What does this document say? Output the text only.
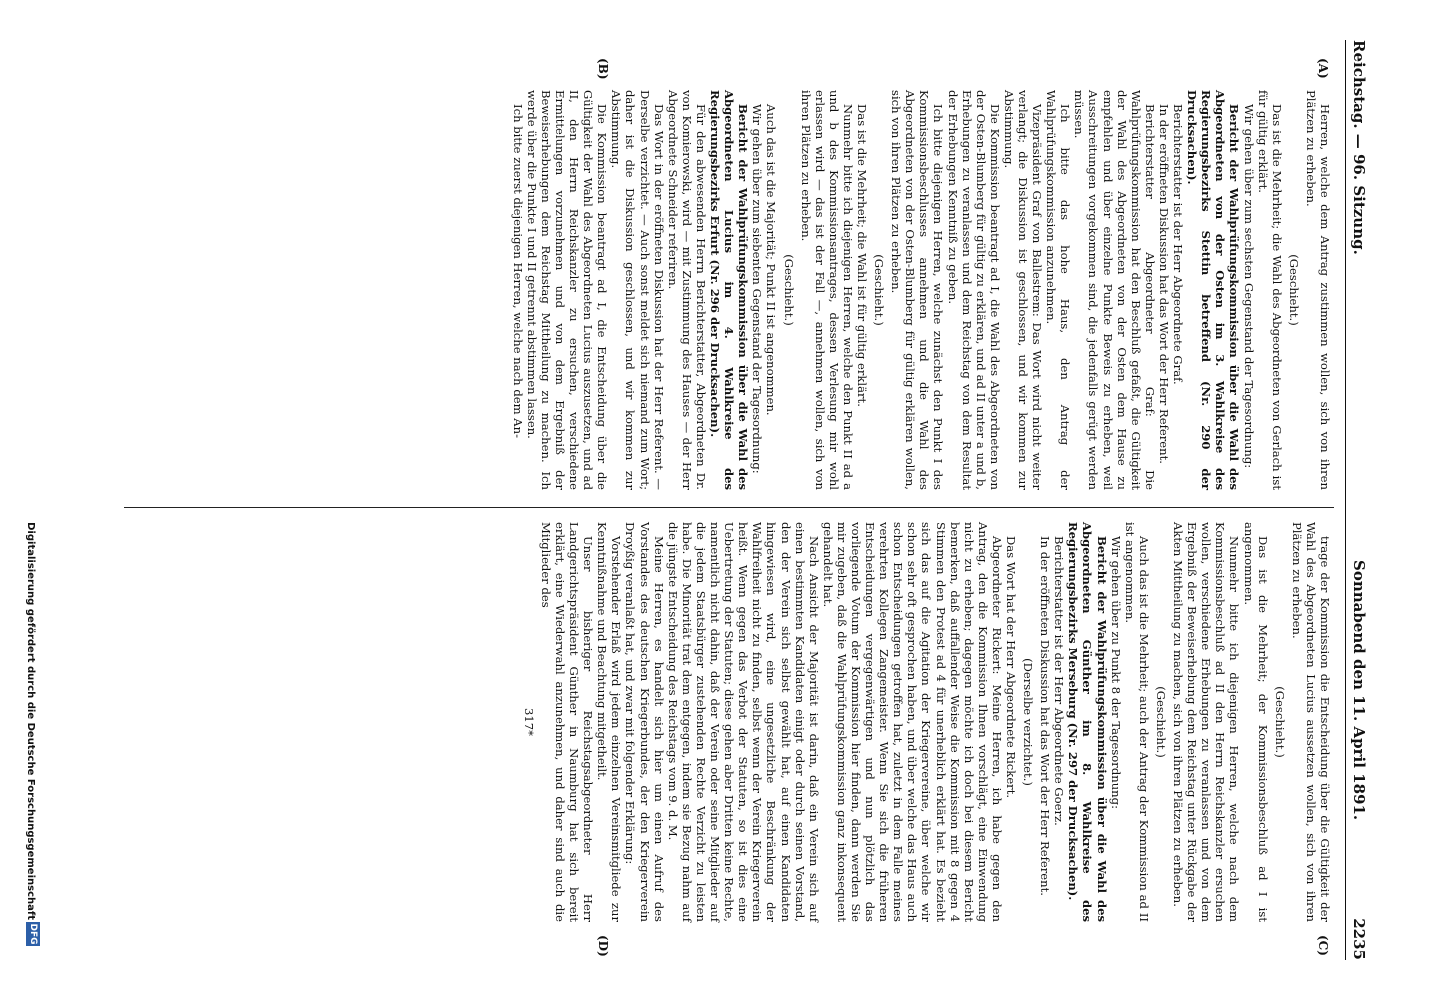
Reichstag. — 96. Sitzung.
Sonnabend den 11. April 1891.
2235
(A)
(B)
(C)
(D)

Herren, welche dem Antrag zustimmen wollen, sich von ihren Plätzen zu erheben.

(Geschieht.)

Das ist die Mehrheit; die Wahl des Abgeordneten von Gerlach ist für gültig erklärt.

Wir gehen über zum sechsten Gegenstand der Tagesordnung:

Bericht der Wahlprüfungskommission über die Wahl des Abgeordneten von der Osten im 3. Wahlkreise des Regierungsbezirks Stettin betreffend (Nr. 290 der Drucksachen).

Berichterstatter ist der Herr Abgeordnete Graf.

In der eröffneten Diskussion hat das Wort der Herr Referent.

Berichterstatter Abgeordneter Graf: Die Wahlprüfungskommission hat den Beschluß gefaßt, die Gültigkeit der Wahl des Abgeordneten von der Osten dem Hause zu empfehlen und über einzelne Punkte Beweis zu erheben, weil Ausschreitungen vorgekommen sind, die jedenfalls gerügt werden müssen.

Ich bitte das hohe Haus, den Antrag der Wahlprüfungskommission anzunehmen.

Vizepräsident Graf von Ballestrem: Das Wort wird nicht weiter verlangt; die Diskussion ist geschlossen, und wir kommen zur Abstimmung.

Die Kommission beantragt ad I, die Wahl des Abgeordneten von der Osten-Blumberg für gültig zu erklären, und ad II unter a und b, Erhebungen zu veranlassen und dem Reichstag von dem Resultat der Erhebungen Kenntniß zu geben.

Ich bitte diejenigen Herren, welche zunächst den Punkt I des Kommissionsbeschlusses annehmen und die Wahl des Abgeordneten von der Osten-Blumberg für gültig erklären wollen, sich von ihren Plätzen zu erheben.

(Geschieht.)

Das ist die Mehrheit; die Wahl ist für gültig erklärt.

Nunmehr bitte ich diejenigen Herren, welche den Punkt II ad a und b des Kommissionsantrages, dessen Verlesung mir wohl erlassen wird — das ist der Fall —, annehmen wollen, sich von ihren Plätzen zu erheben.

(Geschieht.)

Auch das ist die Majorität; Punkt II ist angenommen.

Wir gehen über zum siebenten Gegenstand der Tagesordnung:

Bericht der Wahlprüfungskommission über die Wahl des Abgeordneten Lucius im 4. Wahlkreise des Regierungsbezirks Erfurt (Nr. 296 der Drucksachen).

Für den abwesenden Herrn Berichterstatter, Abgeordneten Dr. von Komierowski, wird — mit Zustimmung des Hauses — der Herr Abgeordnete Schneider referiren.

Das Wort in der eröffneten Diskussion hat der Herr Referent. — Derselbe verzichtet. — Auch sonst meldet sich niemand zum Wort; daher ist die Diskussion geschlossen, und wir kommen zur Abstimmung.

Die Kommission beantragt ad I, die Entscheidung über die Gültigkeit der Wahl des Abgeordneten Lucius auszusetzen, und ad II, den Herrn Reichskanzler zu ersuchen, verschiedene Ermittelungen vorzunehmen und von dem Ergebniß der Beweiserhebungen dem Reichstag Mittheilung zu machen. Ich werde über die Punkte I und II getrennt abstimmen lassen.

Ich bitte zuerst diejenigen Herren, welche nach dem An-

trage der Kommission die Entscheidung über die Gültigkeit der Wahl des Abgeordneten Lucius aussetzen wollen, sich von ihren Plätzen zu erheben.

(Geschieht.)

Das ist die Mehrheit; der Kommissionsbeschluß ad I ist angenommen.

Nunmehr bitte ich diejenigen Herren, welche nach dem Kommissionsbeschluß ad II den Herrn Reichskanzler ersuchen wollen, verschiedene Erhebungen zu veranlassen und von dem Ergebniß der Beweiserhebung dem Reichstag unter Rückgabe der Akten Mittheilung zu machen, sich von ihren Plätzen zu erheben.

(Geschieht.)

Auch das ist die Mehrheit; auch der Antrag der Kommission ad II ist angenommen.

Wir gehen über zu Punkt 8 der Tagesordnung:

Bericht der Wahlprüfungskommission über die Wahl des Abgeordneten Günther im 8. Wahlkreise des Regierungsbezirks Merseburg (Nr. 297 der Drucksachen).

Berichterstatter ist der Herr Abgeordnete Goerz.

In der eröffneten Diskussion hat das Wort der Herr Referent.

(Derselbe verzichtet.)

Das Wort hat der Herr Abgeordnete Rickert.

Abgeordneter Rickert: Meine Herren, ich habe gegen den Antrag, den die Kommission Ihnen vorschlägt, eine Einwendung nicht zu erheben; dagegen möchte ich doch bei diesem Bericht bemerken, daß auffallender Weise die Kommission mit 8 gegen 4 Stimmen den Protest ad 4 für unerheblich erklärt hat. Es bezieht sich das auf die Agitation der Kriegervereine, über welche wir schon sehr oft gesprochen haben, und über welche das Haus auch schon Entscheidungen getroffen hat, zuletzt in dem Falle meines verehrten Kollegen Zangemeister. Wenn Sie sich die früheren Entscheidungen vergegenwärtigen und nun plötzlich das vorliegende Votum der Kommission hier finden, dann werden Sie mir zugeben, daß die Wahlprüfungskommission ganz inkonsequent gehandelt hat.

Nach Ansicht der Majorität ist darin, daß ein Verein sich auf einen bestimmten Kandidaten einigt oder durch seinen Vorstand, den der Verein sich selbst gewählt hat, auf einen Kandidaten hingewiesen wird, eine ungesetzliche Beschränkung der Wahlfreiheit nicht zu finden, selbst wenn der Verein Kriegerverein heißt. Wenn gegen das Verbot der Statuten, so ist dies eine Uebertretung der Statuten; diese gehen aber Dritten keine Rechte, namentlich nicht dahin, daß der Verein oder seine Mitglieder auf die jedem Staatsbürger zustehenden Rechte Verzicht zu leisten habe. Die Minorität trat dem entgegen, indem sie Bezug nahm auf die jüngste Entscheidung des Reichstags vom 9. d. M.

Meine Herren, es handelt sich hier um einen Aufruf des Vorstandes des deutschen Kriegerbundes, der den Kriegerverein Droyßig veranlaßt hat, und zwar mit folgender Erklärung:

Vorstehender Erlaß wird jedem einzelnen Vereinsmitgliede zur Kenntnißnahme und Beachtung mitgetheilt.

Unser bisheriger Reichstagsabgeordneter Herr Landgerichtspräsident Günther in Naumburg hat sich bereit erklärt, eine Wiederwahl anzunehmen, und daher sind auch die Mitglieder des

317*

Digitalisierung gefördert durch die Deutsche Forschungsgemeinschaft
DFG
